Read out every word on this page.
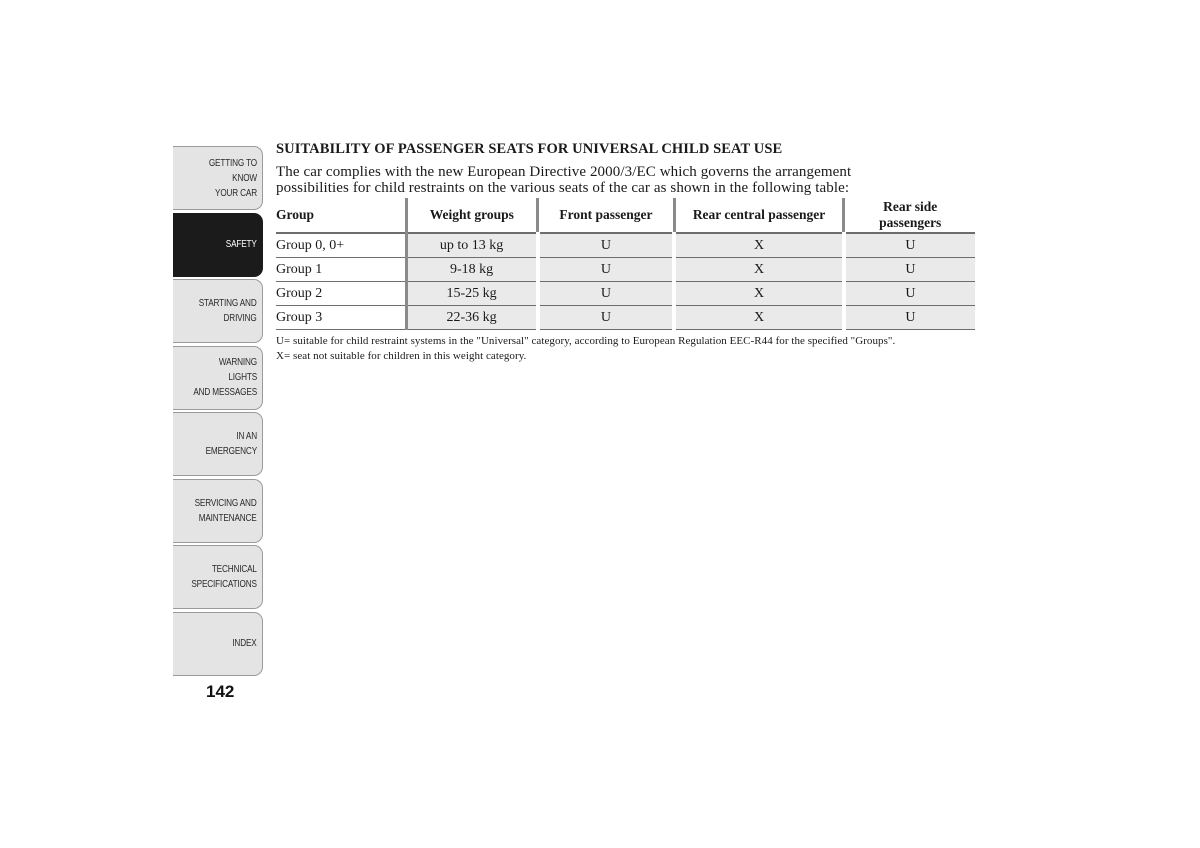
GETTING TO KNOW
YOUR CAR
SAFETY
STARTING AND
DRIVING
WARNING LIGHTS
AND MESSAGES
IN AN EMERGENCY
SERVICING AND
MAINTENANCE
TECHNICAL
SPECIFICATIONS
INDEX
142
SUITABILITY OF PASSENGER SEATS FOR UNIVERSAL CHILD SEAT USE

The car complies with the new European Directive 2000/3/EC which governs the arrangement
possibilities for child restraints on the various seats of the car as shown in the following table:

Group	Weight groups	Front passenger	Rear central passenger	Rear side
passengers
Group 0, 0+	up to 13 kg	U	X	U
Group 1	9-18 kg	U	X	U
Group 2	15-25 kg	U	X	U
Group 3	22-36 kg	U	X	U
U= suitable for child restraint systems in the "Universal" category, according to European Regulation EEC-R44 for the specified "Groups".
X= seat not suitable for children in this weight category.
